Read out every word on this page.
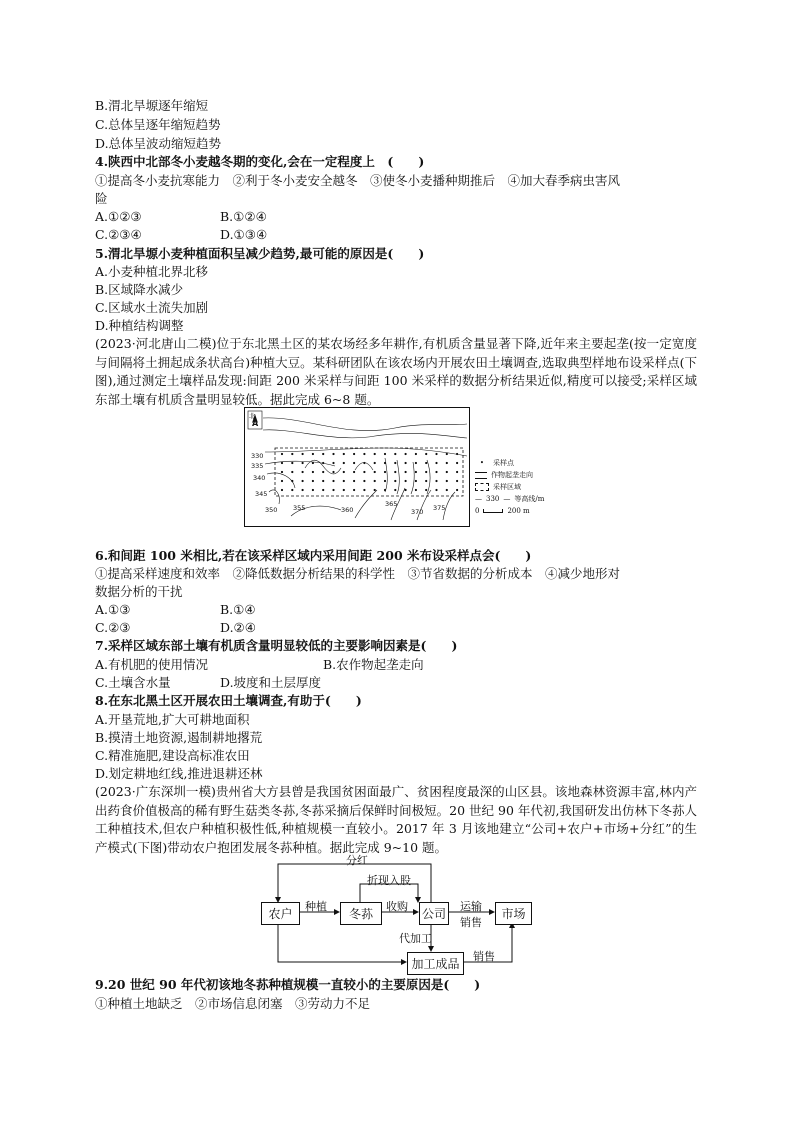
B.渭北旱塬逐年缩短
C.总体呈逐年缩短趋势
D.总体呈波动缩短趋势
4.陕西中北部冬小麦越冬期的变化,会在一定程度上　(　　)
①提高冬小麦抗寒能力　②利于冬小麦安全越冬　③使冬小麦播种期推后　④加大春季病虫害风
险
A.①②③	B.①②④
C.②③④	D.①③④
5.渭北旱塬小麦种植面积呈减少趋势,最可能的原因是(　　)
A.小麦种植北界北移
B.区域降水减少
C.区域水土流失加剧
D.种植结构调整
(2023·河北唐山二模)位于东北黑土区的某农场经多年耕作,有机质含量显著下降,近年来主要起垄(按一定宽度与间隔将土拥起成条状高台)种植大豆。某科研团队在该农场内开展农田土壤调查,选取典型样地布设采样点(下图),通过测定土壤样品发现:间距 200 米采样与间距 100 米采样的数据分析结果近似,精度可以接受;采样区域东部土壤有机质含量明显较低。据此完成 6~8 题。
北
A
330
335
340
345
350 355	360
365
370 375
•	采样点
作物起垄走向
采样区域
— 330 — 等高线/m
0	200 m
6.和间距 100 米相比,若在该采样区域内采用间距 200 米布设采样点会(　　)
①提高采样速度和效率　②降低数据分析结果的科学性　③节省数据的分析成本　④减少地形对
数据分析的干扰
A.①③	B.①④
C.②③	D.②④
7.采样区域东部土壤有机质含量明显较低的主要影响因素是(　　)
A.有机肥的使用情况	B.农作物起垄走向
C.土壤含水量	D.坡度和土层厚度
8.在东北黑土区开展农田土壤调查,有助于(　　)
A.开垦荒地,扩大可耕地面积
B.摸清土地资源,遏制耕地撂荒
C.精准施肥,建设高标准农田
D.划定耕地红线,推进退耕还林
(2023·广东深圳一模)贵州省大方县曾是我国贫困面最广、贫困程度最深的山区县。该地森林资源丰富,林内产出药食价值极高的稀有野生菇类冬荪,冬荪采摘后保鲜时间极短。20 世纪 90 年代初,我国研发出仿林下冬荪人工种植技术,但农户种植积极性低,种植规模一直较小。2017 年 3 月该地建立“公司+农户+市场+分红”的生产模式(下图)带动农户抱团发展冬荪种植。据此完成 9~10 题。
农户	冬荪	公司	市场
加工成品
分红
折现入股
种植	收购	运输
销售
代加工
销售
9.20 世纪 90 年代初该地冬荪种植规模一直较小的主要原因是(　　)
①种植土地缺乏　②市场信息闭塞　③劳动力不足
